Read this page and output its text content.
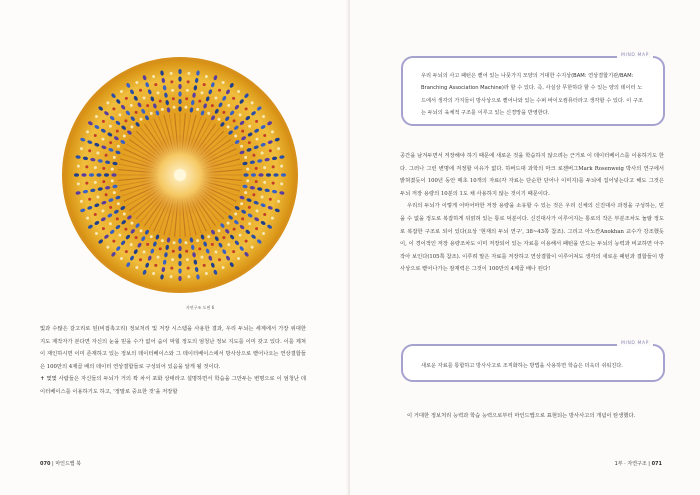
자연구조 도면 6

빛과 수많은 갈고리로 된(비접촉고리) 정보처리 및 저장 시스템을 사용한 결과, 우리 두뇌는 세계에서 가장 위대한 지도 제작자가 본다면 자신의 눈을 믿을 수가 없어 숨이 막힐 정도의 엄청난 정보 지도를 이미 갖고 있다. 이를 제쳐이 재인하시면 이미 존재하고 있는 정보의 데이터베이스와 그 데이터베이스에서 방사상으로 뻗어나오는 연상결합들은 100만의 4제곱 배의 데이터 연상결합들로 구성되어 있음을 알게 될 것이다.

✝ 몇몇 사람들은 자신들의 두뇌가 거의 꽉 차서 포화 상태라고 설명하면서 학습을 그만두는 변명으로 이 엄청난 데이터베이스를 이용하기도 하고, '정말로 중요한 것'을 저장할

070 | 마인드맵 북
MIND MAP
우리 두뇌의 사고 패턴은 뻗어 있는 나뭇가지 모양의 거대한 수지상(BAM: 연상결합기관/BAM: Branching Association Machine)라 할 수 있다. 즉, 사실상 무한하다 할 수 있는 양의 데이터 노드에서 생각의 가지들이 방사상으로 뻗어나와 있는 수퍼 바이오컴퓨터라고 생각할 수 있다. 이 구조는 두뇌의 육체적 구조를 이루고 있는 신경망을 반영한다.

공간을 남겨두면서 저장해야 하기 때문에 새로운 것을 학습하지 않으려는 근거로 이 데이터베이스를 이용하기도 한다. 그러나 그런 변명에 걱정할 이유가 없다. 하버드대 과학의 마크 로젠버그Mark Rosenweig 박사의 연구에서 밝혀졌듯이 100년 동안 매초 10개의 자료(각 자료는 단순한 단어나 이미지)를 두뇌에 집어넣는다고 해도 그것은 두뇌 저장 용량의 10분의 1도 채 사용하지 않는 것이기 때문이다.

우리의 두뇌가 이렇게 어마어마한 저장 용량을 소유할 수 있는 것은 우리 신체의 신진대사 과정을 구성하는, 믿을 수 없을 정도로 복잡하게 뒤얽혀 있는 통로 덕분이다. 신진대사가 이루어지는 통로의 작은 부분조차도 놀랄 정도로 복잡한 구조로 되어 있다(요상 '현재의 두뇌 연구', 38~43쪽 참조). 그리고 아노칸Anokhan 교수가 강조했듯이, 이 경이적인 저장 용량조차도 이미 저장되어 있는 자료를 이용해서 패턴을 만드는 두뇌의 능력과 비교하면 아주 작아 보인다(105쪽 참조). 이루려 말은 자료를 저장하고 연상결합이 이루어져도 생각의 새로운 패턴과 결합들이 방사상으로 뻗어나가는 잠재력은 그것이 100만의 4제곱 배나 된다!

MIND MAP
새로운 자료를 통합하고 방사사고로 조직화하는 방법을 사용하면 학습은 더욱더 쉬워진다.

이 거대한 정보처리 능력과 학습 능력으로부터 마인드맵으로 표현되는 방사사고의 개념이 탄생했다.

1부 · 자연구조 | 071
